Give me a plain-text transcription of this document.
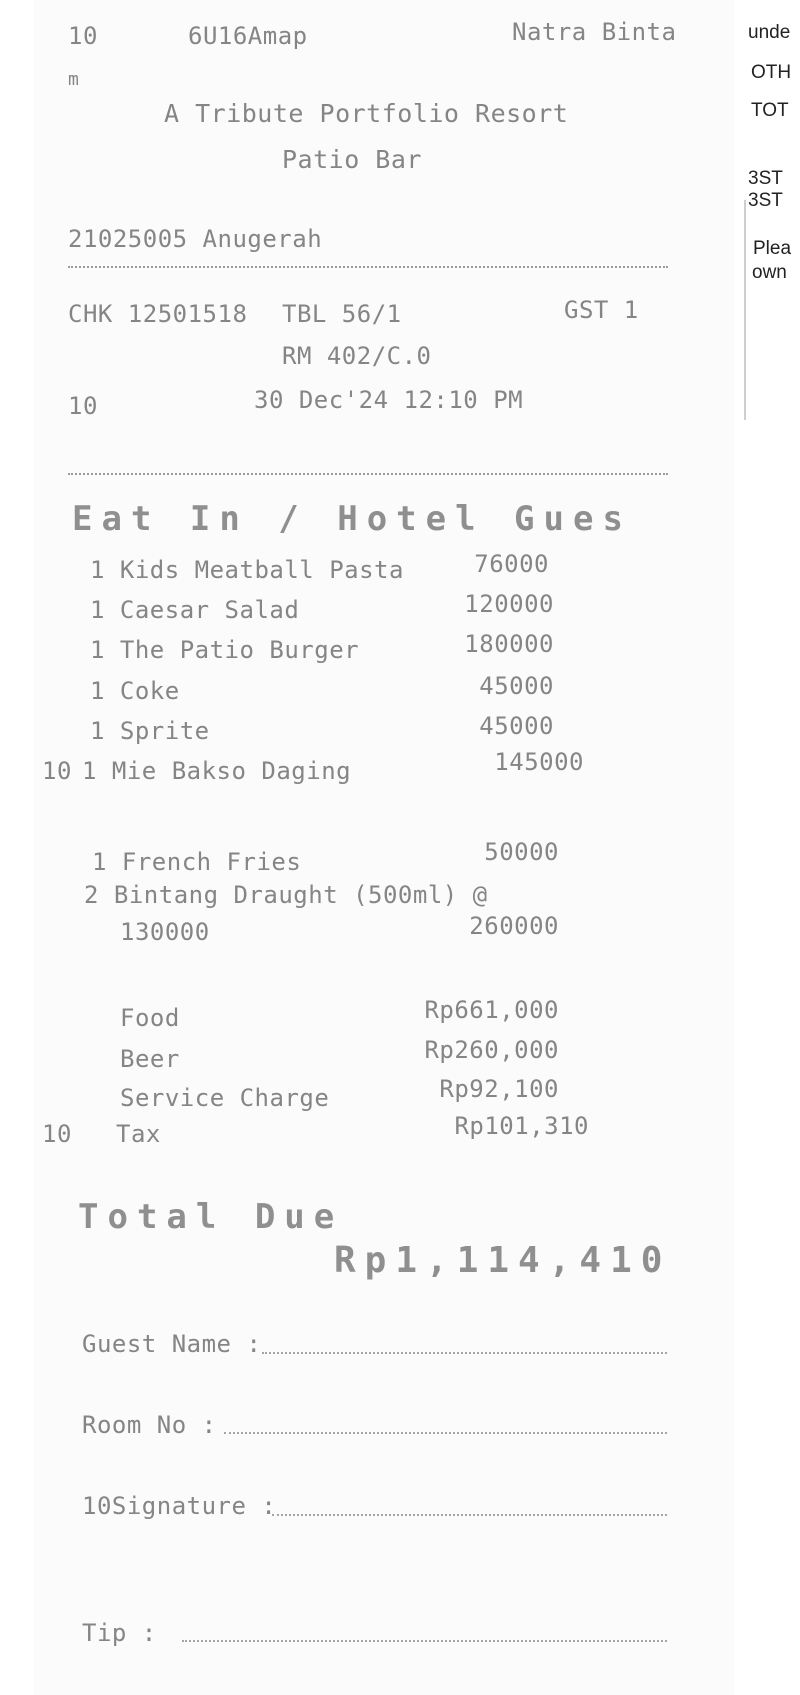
10	6U16Amap	Natra Binta
m
A Tribute Portfolio Resort
Patio Bar
21025005 Anugerah
CHK 12501518 TBL 56/1	GST 1
RM 402/C.0
10	30 Dec'24 12:10 PM
Eat In / Hotel Gues
1 Kids Meatball Pasta	76000
1 Caesar Salad	120000
1 The Patio Burger	180000
1 Coke	45000
1 Sprite	45000
10 1 Mie Bakso Daging	145000
1 French Fries	50000
2 Bintang Draught (500ml) @
130000	260000
Food	Rp661,000
Beer	Rp260,000
Service Charge	Rp92,100
10 Tax	Rp101,310
Total Due
Rp1,114,410
Guest Name :
Room No :
10Signature :
Tip :
unde
OTH
TOT
3ST
3ST
Plea
own
